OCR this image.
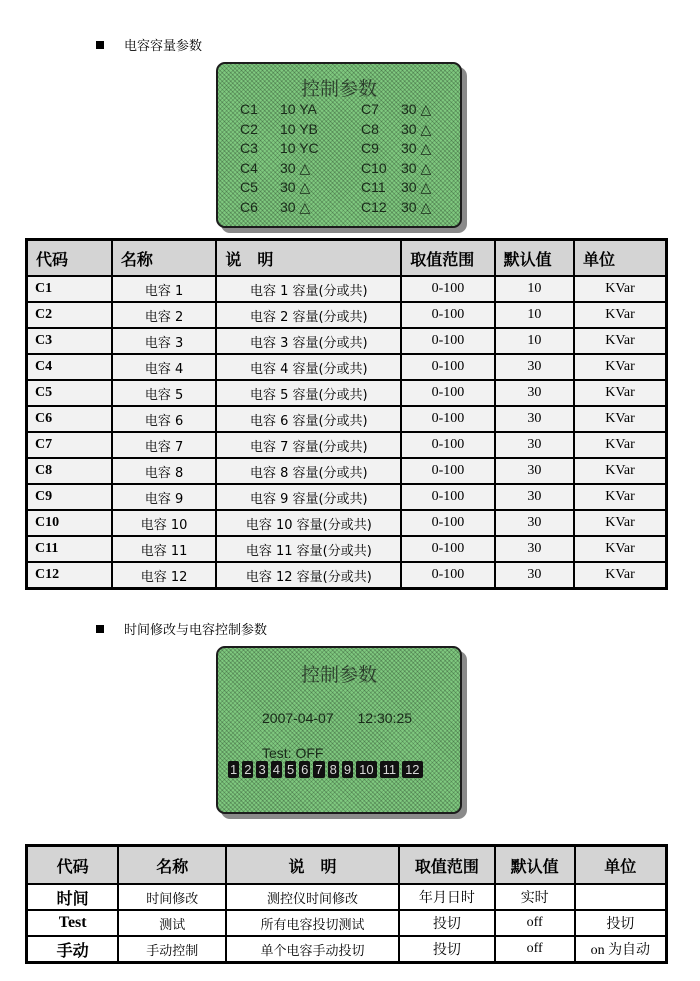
电容容量参数
控制参数
C1 10 YA
C2 10 YB
C3 10 YC
C4 30 △
C5 30 △
C6 30 △
C7 30 △
C8 30 △
C9 30 △
C10 30 △
C11 30 △
C12 30 △
代码	名称	说　明	取值范围	默认值	单位
C1	电容 1	电容 1 容量(分或共)	0-100	10	KVar
C2	电容 2	电容 2 容量(分或共)	0-100	10	KVar
C3	电容 3	电容 3 容量(分或共)	0-100	10	KVar
C4	电容 4	电容 4 容量(分或共)	0-100	30	KVar
C5	电容 5	电容 5 容量(分或共)	0-100	30	KVar
C6	电容 6	电容 6 容量(分或共)	0-100	30	KVar
C7	电容 7	电容 7 容量(分或共)	0-100	30	KVar
C8	电容 8	电容 8 容量(分或共)	0-100	30	KVar
C9	电容 9	电容 9 容量(分或共)	0-100	30	KVar
C10	电容 10	电容 10 容量(分或共)	0-100	30	KVar
C11	电容 11	电容 11 容量(分或共)	0-100	30	KVar
C12	电容 12	电容 12 容量(分或共)	0-100	30	KVar
时间修改与电容控制参数
控制参数
2007-04-07 12:30:25
Test: OFF
1 2 3 4 5 6 7 8 9 10 11 12
代码	名称	说　明	取值范围	默认值	单位
时间	时间修改	测控仪时间修改	年月日时	实时	
Test	测试	所有电容投切测试	投切	off	投切
手动	手动控制	单个电容手动投切	投切	off	on 为自动
